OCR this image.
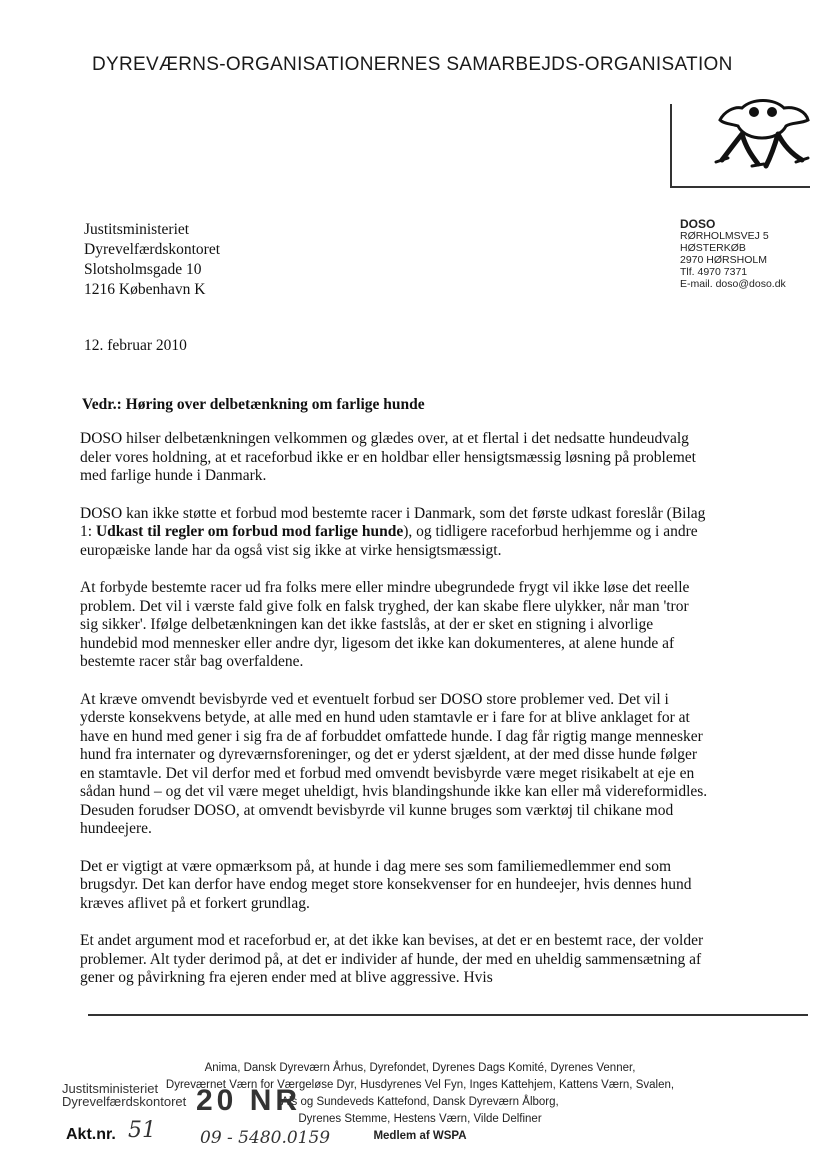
DYREVÆRNS-ORGANISATIONERNES SAMARBEJDS-ORGANISATION
Justitsministeriet
Dyrevelfærdskontoret
Slotsholmsgade 10
1216 København K
DOSO
RØRHOLMSVEJ 5
HØSTERKØB
2970 HØRSHOLM
Tlf. 4970 7371
E-mail. doso@doso.dk
12. februar 2010
Vedr.: Høring over delbetænkning om farlige hunde

DOSO hilser delbetænkningen velkommen og glædes over, at et flertal i det nedsatte hundeudvalg deler vores holdning, at et raceforbud ikke er en holdbar eller hensigtsmæssig løsning på problemet med farlige hunde i Danmark.

DOSO kan ikke støtte et forbud mod bestemte racer i Danmark, som det første udkast foreslår (Bilag 1: Udkast til regler om forbud mod farlige hunde), og tidligere raceforbud herhjemme og i andre europæiske lande har da også vist sig ikke at virke hensigtsmæssigt.

At forbyde bestemte racer ud fra folks mere eller mindre ubegrundede frygt vil ikke løse det reelle problem. Det vil i værste fald give folk en falsk tryghed, der kan skabe flere ulykker, når man 'tror sig sikker'. Ifølge delbetænkningen kan det ikke fastslås, at der er sket en stigning i alvorlige hundebid mod mennesker eller andre dyr, ligesom det ikke kan dokumenteres, at alene hunde af bestemte racer står bag overfaldene.

At kræve omvendt bevisbyrde ved et eventuelt forbud ser DOSO store problemer ved. Det vil i yderste konsekvens betyde, at alle med en hund uden stamtavle er i fare for at blive anklaget for at have en hund med gener i sig fra de af forbuddet omfattede hunde. I dag får rigtig mange mennesker hund fra internater og dyreværnsforeninger, og det er yderst sjældent, at der med disse hunde følger en stamtavle. Det vil derfor med et forbud med omvendt bevisbyrde være meget risikabelt at eje en sådan hund – og det vil være meget uheldigt, hvis blandingshunde ikke kan eller må videreformidles. Desuden forudser DOSO, at omvendt bevisbyrde vil kunne bruges som værktøj til chikane mod hundeejere.

Det er vigtigt at være opmærksom på, at hunde i dag mere ses som familiemedlemmer end som brugsdyr. Det kan derfor have endog meget store konsekvenser for en hundeejer, hvis dennes hund kræves aflivet på et forkert grundlag.

Et andet argument mod et raceforbud er, at det ikke kan bevises, at det er en bestemt race, der volder problemer. Alt tyder derimod på, at det er individer af hunde, der med en uheldig sammensætning af gener og påvirkning fra ejeren ender med at blive aggressive. Hvis

Anima, Dansk Dyreværn Århus, Dyrefondet, Dyrenes Dags Komité, Dyrenes Venner,
Dyreværnet Værn for Værgeløse Dyr, Husdyrenes Vel Fyn, Inges Kattehjem, Kattens Værn, Svalen,
Als og Sundeveds Kattefond, Dansk Dyreværn Ålborg,
Dyrenes Stemme, Hestens Værn, Vilde Delfiner
Medlem af WSPA
Justitsministeriet
Dyrevelfærdskontoret 20 NR
Akt.nr. 51	09 - 5480.0159
